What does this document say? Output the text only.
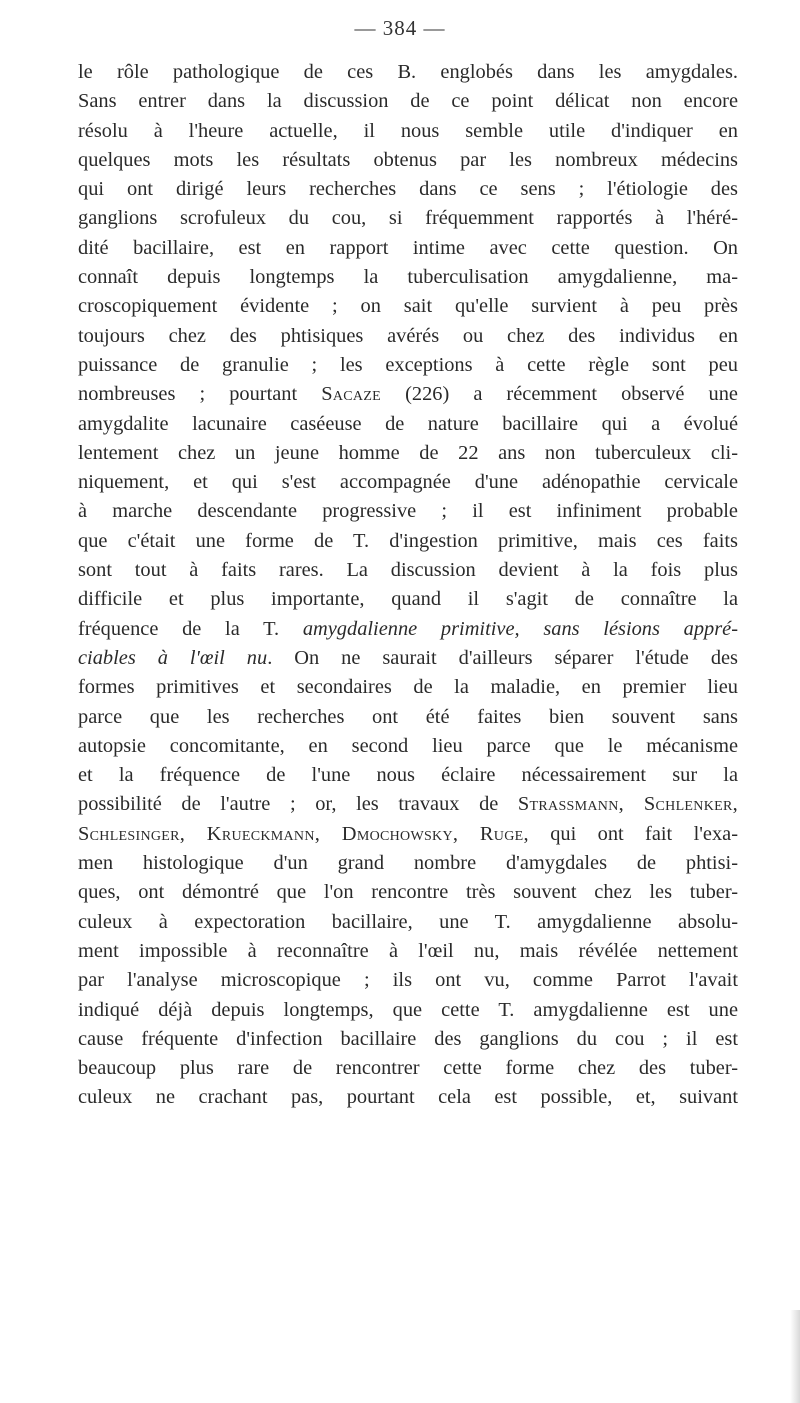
— 384 —
le rôle pathologique de ces B. englobés dans les amygdales.
Sans entrer dans la discussion de ce point délicat non encore
résolu à l'heure actuelle, il nous semble utile d'indiquer en
quelques mots les résultats obtenus par les nombreux médecins
qui ont dirigé leurs recherches dans ce sens ; l'étiologie des
ganglions scrofuleux du cou, si fréquemment rapportés à l'héré-
dité bacillaire, est en rapport intime avec cette question. On
connaît depuis longtemps la tuberculisation amygdalienne, ma-
croscopiquement évidente ; on sait qu'elle survient à peu près
toujours chez des phtisiques avérés ou chez des individus en
puissance de granulie ; les exceptions à cette règle sont peu
nombreuses ; pourtant Sacaze (226) a récemment observé une
amygdalite lacunaire caséeuse de nature bacillaire qui a évolué
lentement chez un jeune homme de 22 ans non tuberculeux cli-
niquement, et qui s'est accompagnée d'une adénopathie cervicale
à marche descendante progressive ; il est infiniment probable
que c'était une forme de T. d'ingestion primitive, mais ces faits
sont tout à faits rares. La discussion devient à la fois plus
difficile et plus importante, quand il s'agit de connaître la
fréquence de la T. amygdalienne primitive, sans lésions appré-
ciables à l'œil nu. On ne saurait d'ailleurs séparer l'étude des
formes primitives et secondaires de la maladie, en premier lieu
parce que les recherches ont été faites bien souvent sans
autopsie concomitante, en second lieu parce que le mécanisme
et la fréquence de l'une nous éclaire nécessairement sur la
possibilité de l'autre ; or, les travaux de Strassmann, Schlenker,
Schlesinger, Krueckmann, Dmochowsky, Ruge, qui ont fait l'exa-
men histologique d'un grand nombre d'amygdales de phtisi-
ques, ont démontré que l'on rencontre très souvent chez les tuber-
culeux à expectoration bacillaire, une T. amygdalienne absolu-
ment impossible à reconnaître à l'œil nu, mais révélée nettement
par l'analyse microscopique ; ils ont vu, comme Parrot l'avait
indiqué déjà depuis longtemps, que cette T. amygdalienne est une
cause fréquente d'infection bacillaire des ganglions du cou ; il est
beaucoup plus rare de rencontrer cette forme chez des tuber-
culeux ne crachant pas, pourtant cela est possible, et, suivant
